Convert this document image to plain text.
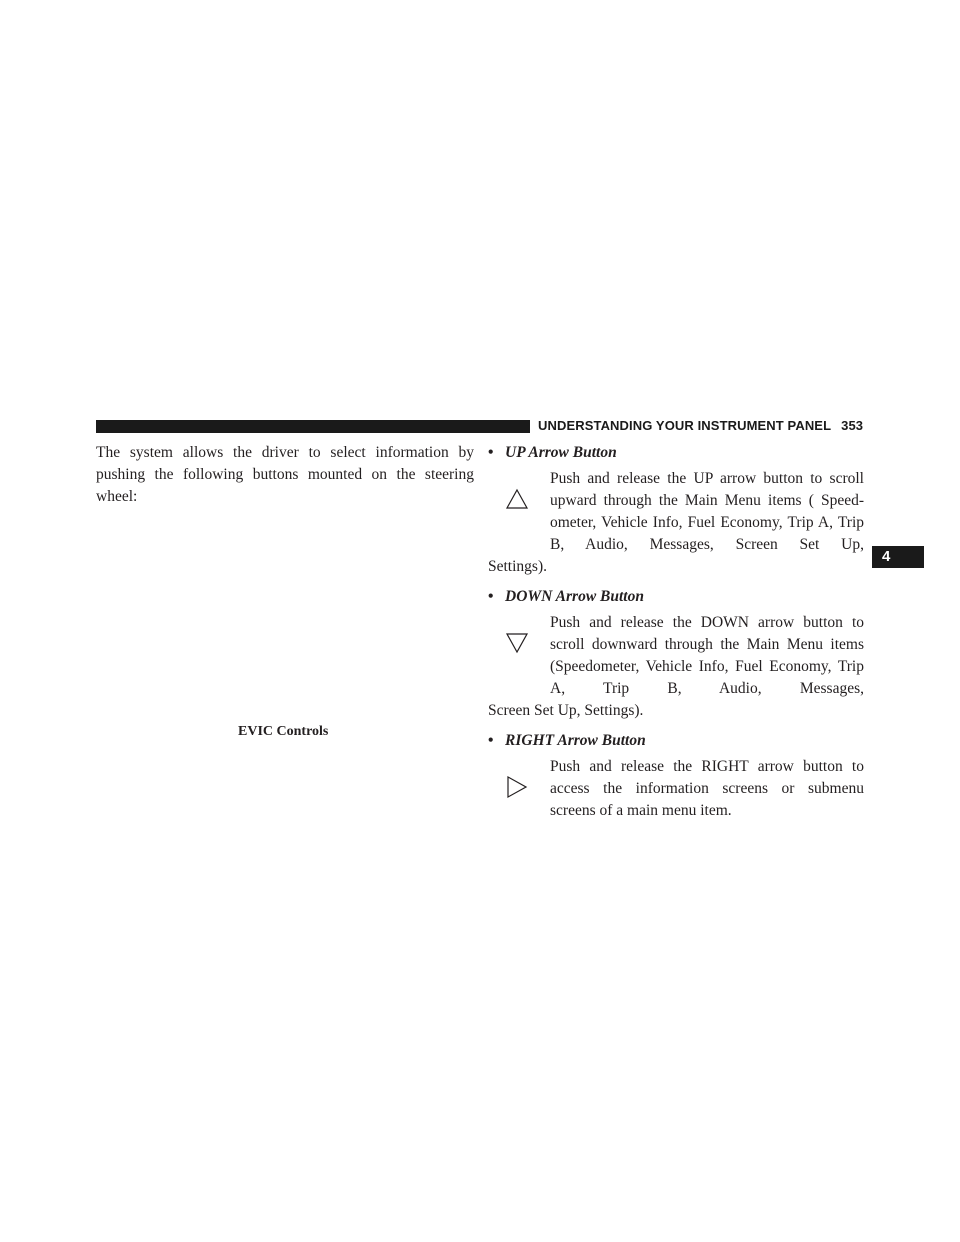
UNDERSTANDING YOUR INSTRUMENT PANEL 353
4
The system allows the driver to select information by pushing the following buttons mounted on the steering wheel:
EVIC Controls

• UP Arrow Button

Push and release the UP arrow button to scroll upward through the Main Menu items ( Speed- ometer, Vehicle Info, Fuel Economy, Trip A, Trip B, Audio, Messages, Screen Set Up,
Settings).

• DOWN Arrow Button

Push and release the DOWN arrow button to scroll downward through the Main Menu items (Speedometer, Vehicle Info, Fuel Economy, Trip A, Trip B, Audio, Messages,
Screen Set Up, Settings).

• RIGHT Arrow Button

Push and release the RIGHT arrow button to access the information screens or submenu screens of a main menu item.
